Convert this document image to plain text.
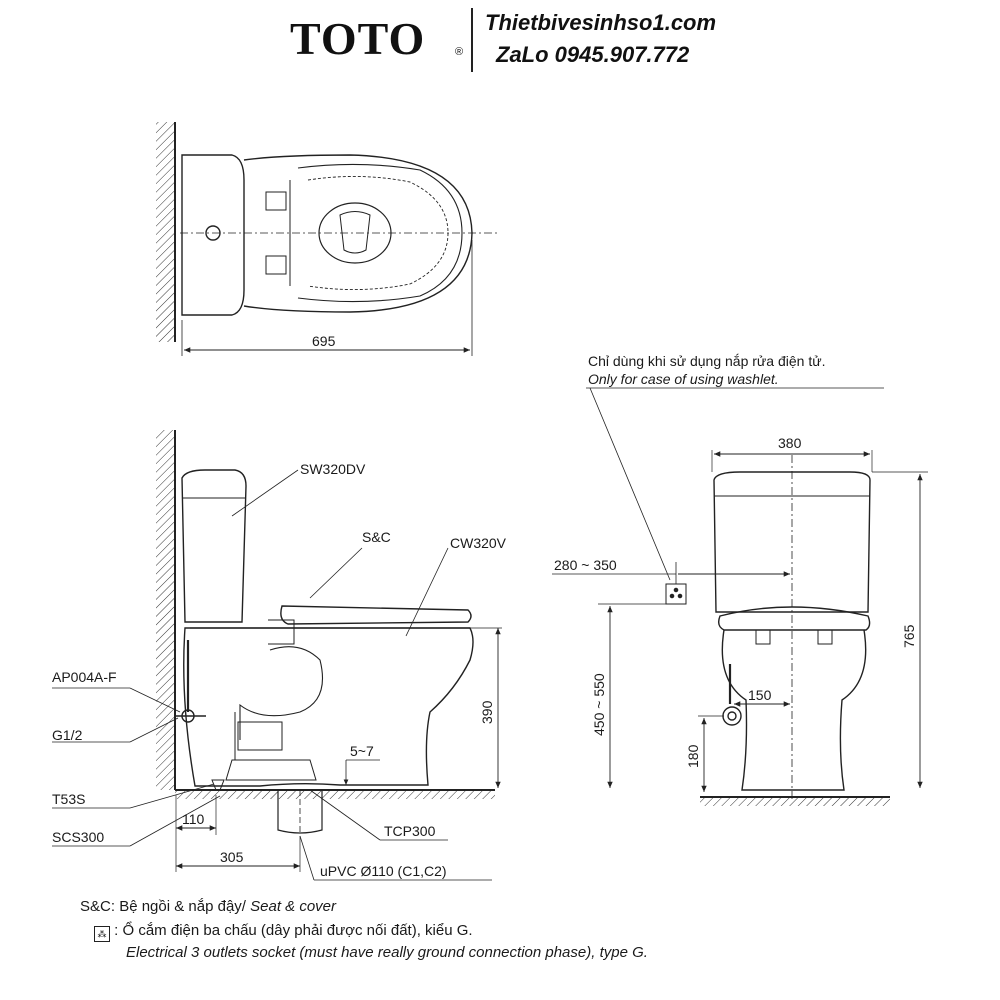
TOTO	®
Thietbivesinhso1.com
ZaLo 0945.907.772
695
SW320DV
S&C	CW320V
AP004A-F
G1/2
T53S
SCS300	TCP300
uPVC Ø110 (C1,C2)
5~7
110
305
390
Chỉ dùng khi sử dụng nắp rửa điện tử.
Only for case of using washlet.
380
280 ~ 350
150
450 ~ 550
765
180
S&C: Bệ ngồi & nắp đậy/ Seat & cover
⁂ : Ổ cắm điện ba chấu (dây phải được nối đất), kiểu G.
Electrical 3 outlets socket (must have really ground connection phase), type G.
